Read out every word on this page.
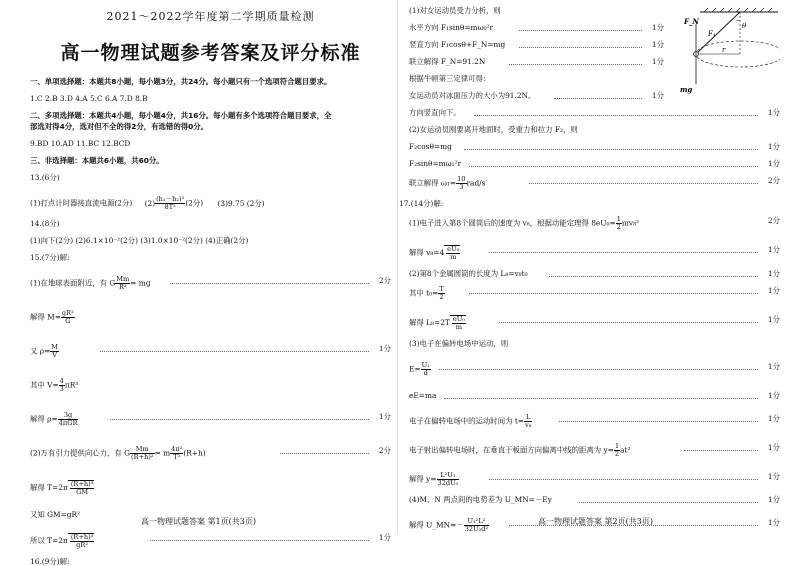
2021～2022学年度第二学期质量检测
高一物理试题参考答案及评分标准
一、单项选择题：本题共8小题，每小题3分，共24分。每小题只有一个选项符合题目要求。
1.C 2.B 3.D 4.A 5.C 6.A 7.D 8.B
二、多项选择题：本题共4小题，每小题4分，共16分。每小题有多个选项符合题目要求，全
部选对得4分，选对但不全的得2分，有选错的得0分。
9.BD 10.AD 11.BC 12.BCD
三、非选择题：本题共6小题，共60分。
13.(6分)
(1)打点计时器接直流电源(2分) $(2) \frac{\text{(h₁－h₂)²}}{\text{8T²}} (2$分) (3)9.75 (2分)
14.(8分)
(1)向下(2分) (2)6.1×10⁻²(2分) (3)1.0×10⁻²(2分) (4)正确(2分)
15.(7分)解:
(1)在地球表面附近，有 G $\frac{Mm}{\text{R²}}$ = mg	2分
解得 $M= \frac{\text{gR²}}{G}$
又 $\rho= \frac{M}{V}$	1分
其中 $V= \frac{4}{3} \pi R^3$
解得 $\rho= \frac{3g}{\text{4πGR}}$	1分
(2)万有引力提供向心力，有 G $\frac{Mm}{\text{(R+h)²}} = m \frac{\text{4π²}}{\text{T²}} (R+h)$	2分
解得 $T=2\pi \frac{\text{(R+h)³}}{GM}$
又知 GM=gR²
所以 $T=2\pi \frac{\text{(R+h)³}}{\text{gR²}}$	1分
16.(9分)解:
高一物理试题答案 第1页(共3页)
F_N
F₁
θ
r
mg
(1)对女运动员受力分析，则
水平方向 F₁sinθ=mω₀²r	1分
竖直方向 F₁cosθ+F_N=mg	1分
联立解得 F_N=91.2N	1分
根据牛顿第三定律可得：
女运动员对冰面压力的大小为91.2N。	1分
方向竖直向下。	1分
(2)女运动员刚要离开地面时，受重力和拉力 F₂，则
F₂cosθ=mg	1分
F₂sinθ=mω₁²r	1分
联立解得 $\omega_1= \frac{10}{3} rad/s$	2分
17.(14分)解:
(1)电子进入第8个圆筒后的速度为 v₈，根据动能定理得 $8eU_0= \frac{1}{2} mv_8^2$	2分
解得 $v_8=4 \frac{\text{eU₀}}{m}$	1分
(2)第8个金属圆筒的长度为 L₈=v₈t₀	1分
其中 $t_0= \frac{T}{2}$	1分
解得 $L_8=2T \frac{\text{eU₀}}{m}$	1分
(3)电子在偏转电场中运动，则
$E= \frac{\text{U₁}}{d}$	1分
eE=ma	1分
电子在偏转电场中的运动时间为 $t= \frac{L}{\text{v₈}}$	1分
电子射出偏转电场时，在垂直于板面方向偏离中线的距离为 $y= \frac{1}{2} at^2$	1分
解得 $y= \frac{\text{L²U₁}}{\text{32dU₀}}$	1分
(4)M、N 两点间的电势差为 U_MN=－Ey	1分
解得 U_MN=－ $\frac{\text{U₁²L²}}{\text{32U₀d²}}$	1分
高一物理试题答案 第2页(共3页)
